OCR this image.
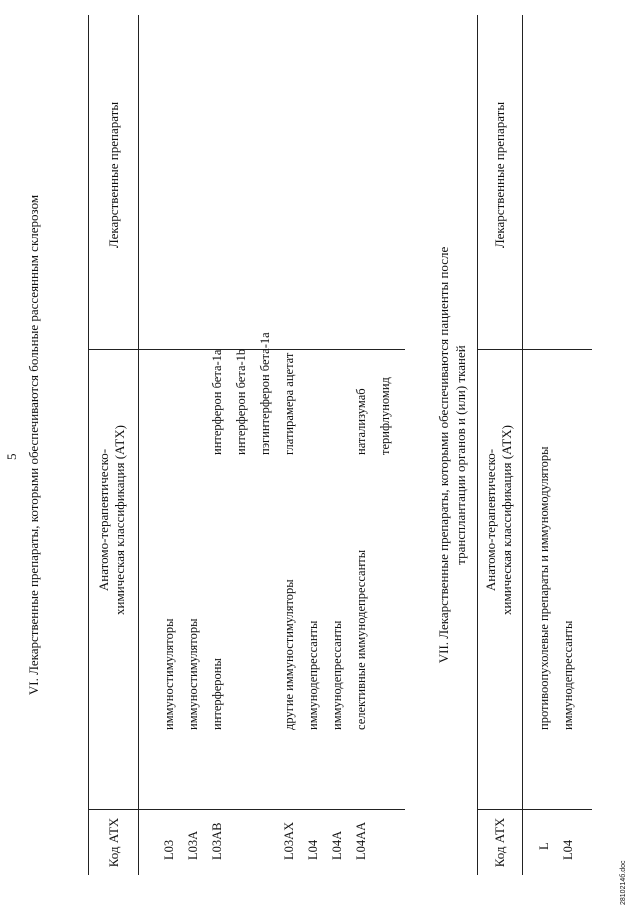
5 VI. Лекарственные препараты, которыми обеспечиваются больные рассеянным склерозом
Код АТХ
Анатомо-терапевтическо-химическая классификация (АТХ)
Лекарственные препараты
L03
иммуностимуляторы
L03A
иммуностимуляторы
L03AB
интерфероны
интерферон бета-1a интерферон бета-1b пэгинтерферон бета-1a
L03AX
другие иммуностимуляторы
глатирамера ацетат
L04
иммунодепрессанты
L04A
иммунодепрессанты
L04AA
селективные иммунодепрессанты
натализумаб терифлуномид	VII. Лекарственные препараты, которыми обеспечиваются пациенты после трансплантации органов и (или) тканей
Код АТХ
Анатомо-терапевтическо-химическая классификация (АТХ)
Лекарственные препараты
L
противоопухолевые препараты и иммуномодуляторы
L04
иммунодепрессанты
2810214б.doc
